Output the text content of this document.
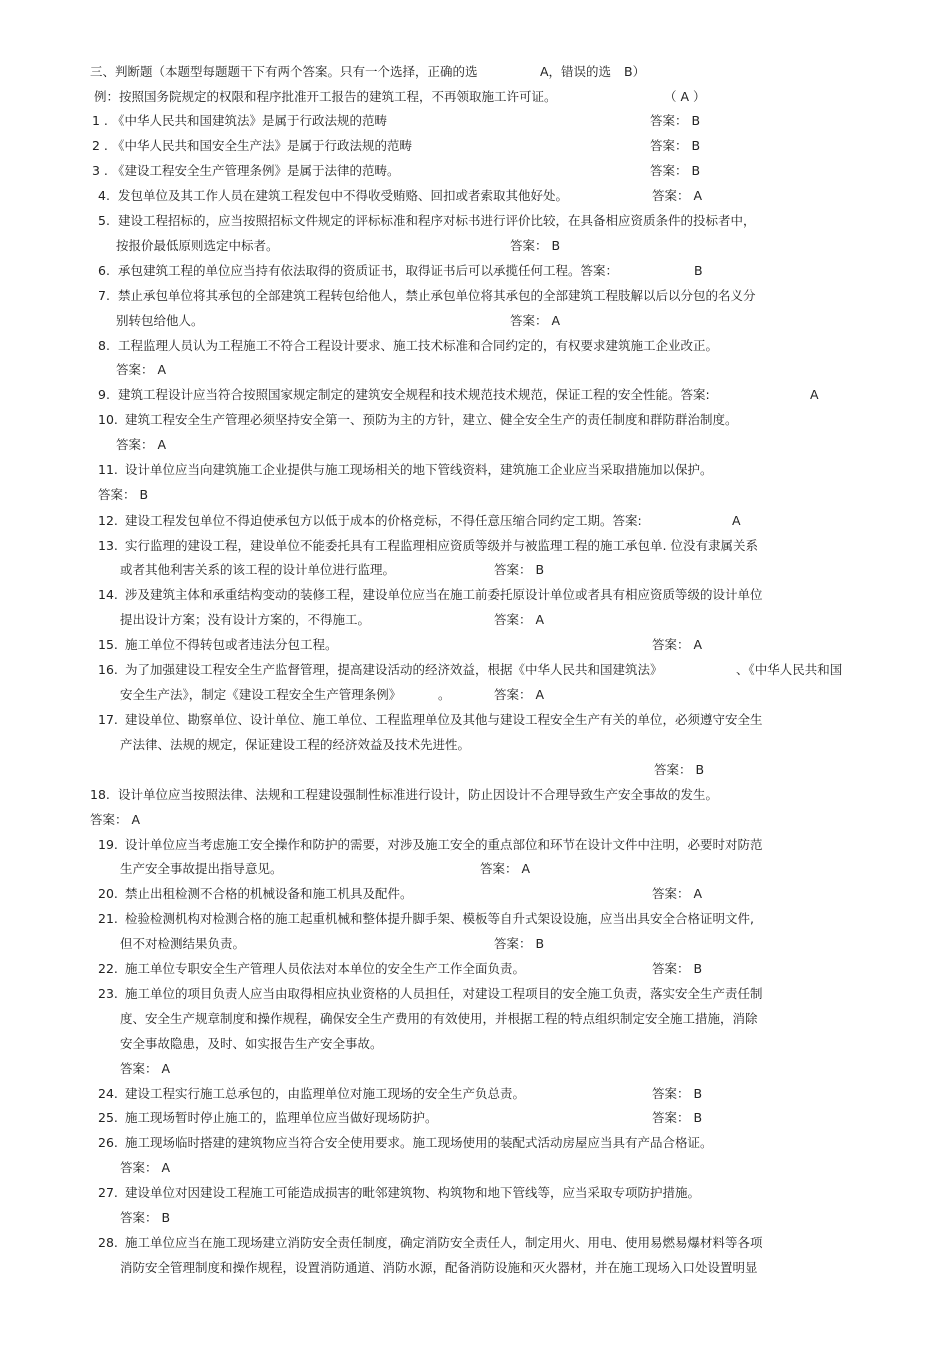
三、判断题（本题型每题题干下有两个答案。只有一个选择，正确的选	A，错误的选 B）
例：按照国务院规定的权限和程序批准开工报告的建筑工程，不再领取施工许可证。	（ A ）
1 . 《中华人民共和国建筑法》是属于行政法规的范畴	答案： B
2 . 《中华人民共和国安全生产法》是属于行政法规的范畴	答案： B
3 . 《建设工程安全生产管理条例》是属于法律的范畴。	答案： B
4. 发包单位及其工作人员在建筑工程发包中不得收受贿赂、回扣或者索取其他好处。	答案： A
5. 建设工程招标的，应当按照招标文件规定的评标标准和程序对标书进行评价比较，在具备相应资质条件的投标者中，
按报价最低原则选定中标者。	答案： B
6. 承包建筑工程的单位应当持有依法取得的资质证书，取得证书后可以承揽任何工程。答案：	B
7. 禁止承包单位将其承包的全部建筑工程转包给他人，禁止承包单位将其承包的全部建筑工程肢解以后以分包的名义分
别转包给他人。	答案： A
8. 工程监理人员认为工程施工不符合工程设计要求、施工技术标准和合同约定的，有权要求建筑施工企业改正。
答案： A
9. 建筑工程设计应当符合按照国家规定制定的建筑安全规程和技术规范技术规范，保证工程的安全性能。答案:	A
10. 建筑工程安全生产管理必须坚持安全第一、预防为主的方针，建立、健全安全生产的责任制度和群防群治制度。
答案： A
11. 设计单位应当向建筑施工企业提供与施工现场相关的地下管线资料，建筑施工企业应当采取措施加以保护。
答案： B
12. 建设工程发包单位不得迫使承包方以低于成本的价格竞标，不得任意压缩合同约定工期。答案:	A
13. 实行监理的建设工程，建设单位不能委托具有工程监理相应资质等级并与被监理工程的施工承包单. 位没有隶属关系
或者其他利害关系的该工程的设计单位进行监理。	答案： B
14. 涉及建筑主体和承重结构变动的装修工程，建设单位应当在施工前委托原设计单位或者具有相应资质等级的设计单位
提出设计方案；没有设计方案的，不得施工。	答案： A
15. 施工单位不得转包或者违法分包工程。	答案： A
16. 为了加强建设工程安全生产监督管理，提高建设活动的经济效益，根据《中华人民共和国建筑法》	、《中华人民共和国
安全生产法》，制定《建设工程安全生产管理条例》	。	答案： A
17. 建设单位、勘察单位、设计单位、施工单位、工程监理单位及其他与建设工程安全生产有关的单位，必须遵守安全生
产法律、法规的规定，保证建设工程的经济效益及技术先进性。
答案： B
18. 设计单位应当按照法律、法规和工程建设强制性标准进行设计，防止因设计不合理导致生产安全事故的发生。
答案： A
19. 设计单位应当考虑施工安全操作和防护的需要，对涉及施工安全的重点部位和环节在设计文件中注明，必要时对防范
生产安全事故提出指导意见。	答案： A
20. 禁止出租检测不合格的机械设备和施工机具及配件。	答案： A
21. 检验检测机构对检测合格的施工起重机械和整体提升脚手架、模板等自升式架设设施，应当出具安全合格证明文件,
但不对检测结果负责。	答案： B
22. 施工单位专职安全生产管理人员依法对本单位的安全生产工作全面负责。	答案： B
23. 施工单位的项目负责人应当由取得相应执业资格的人员担任，对建设工程项目的安全施工负责，落实安全生产责任制
度、安全生产规章制度和操作规程，确保安全生产费用的有效使用，并根据工程的特点组织制定安全施工措施，消除
安全事故隐患，及时、如实报告生产安全事故。
答案： A
24. 建设工程实行施工总承包的，由监理单位对施工现场的安全生产负总责。	答案： B
25. 施工现场暂时停止施工的，监理单位应当做好现场防护。	答案： B
26. 施工现场临时搭建的建筑物应当符合安全使用要求。施工现场使用的装配式活动房屋应当具有产品合格证。
答案： A
27. 建设单位对因建设工程施工可能造成损害的毗邻建筑物、构筑物和地下管线等，应当采取专项防护措施。
答案： B
28. 施工单位应当在施工现场建立消防安全责任制度，确定消防安全责任人，制定用火、用电、使用易燃易爆材料等各项
消防安全管理制度和操作规程，设置消防通道、消防水源，配备消防设施和灭火器材，并在施工现场入口处设置明显
